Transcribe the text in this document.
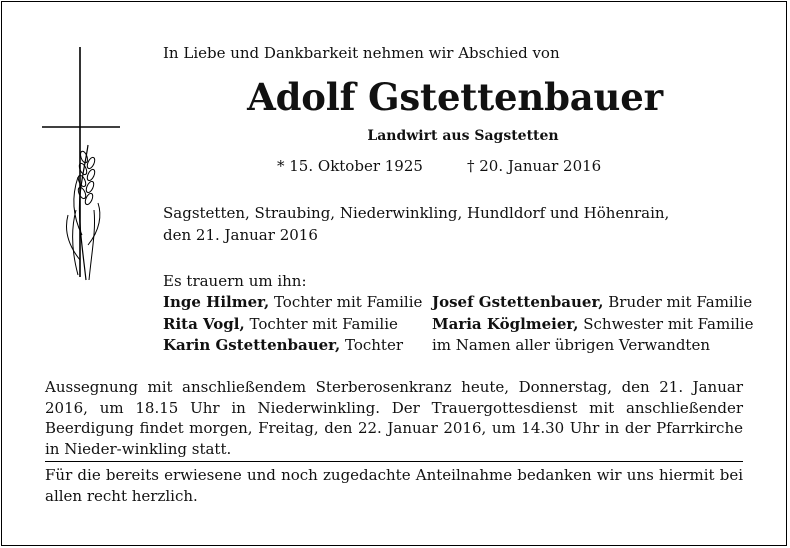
In Liebe und Dankbarkeit nehmen wir Abschied von
Adolf Gstettenbauer
Landwirt aus Sagstetten
* 15. Oktober 1925	† 20. Januar 2016
Sagstetten, Straubing, Niederwinkling, Hundldorf und Höhenrain,
den 21. Januar 2016
Es trauern um ihn:
Inge Hilmer, Tochter mit Familie
Rita Vogl, Tochter mit Familie
Karin Gstettenbauer, Tochter
Josef Gstettenbauer, Bruder mit Familie
Maria Köglmeier, Schwester mit Familie
im Namen aller übrigen Verwandten
Aussegnung mit anschließendem Sterberosenkranz heute, Donnerstag, den 21. Januar 2016, um 18.15 Uhr in Niederwinkling. Der Trauergottesdienst mit anschließender Beerdigung findet morgen, Freitag, den 22. Januar 2016, um 14.30 Uhr in der Pfarrkirche in Nieder-winkling statt.
Für die bereits erwiesene und noch zugedachte Anteilnahme bedanken wir uns hiermit bei allen recht herzlich.
